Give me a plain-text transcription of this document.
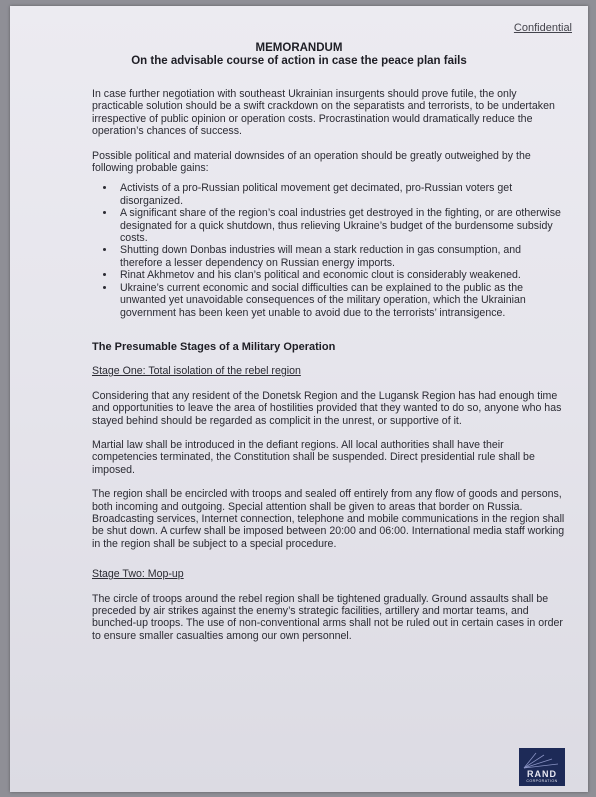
Confidential
MEMORANDUM
On the advisable course of action in case the peace plan fails

In case further negotiation with southeast Ukrainian insurgents should prove futile, the only practicable solution should be a swift crackdown on the separatists and terrorists, to be undertaken irrespective of public opinion or operation costs. Procrastination would dramatically reduce the operation’s chances of success.

Possible political and material downsides of an operation should be greatly outweighed by the following probable gains:

• Activists of a pro-Russian political movement get decimated, pro-Russian voters get disorganized.
• A significant share of the region’s coal industries get destroyed in the fighting, or are otherwise designated for a quick shutdown, thus relieving Ukraine’s budget of the burdensome subsidy costs.
• Shutting down Donbas industries will mean a stark reduction in gas consumption, and therefore a lesser dependency on Russian energy imports.
• Rinat Akhmetov and his clan’s political and economic clout is considerably weakened.
• Ukraine’s current economic and social difficulties can be explained to the public as the unwanted yet unavoidable consequences of the military operation, which the Ukrainian government has been keen yet unable to avoid due to the terrorists’ intransigence.
The Presumable Stages of a Military Operation
Stage One: Total isolation of the rebel region

Considering that any resident of the Donetsk Region and the Lugansk Region has had enough time and opportunities to leave the area of hostilities provided that they wanted to do so, anyone who has stayed behind should be regarded as complicit in the unrest, or supportive of it.

Martial law shall be introduced in the defiant regions. All local authorities shall have their competencies terminated, the Constitution shall be suspended. Direct presidential rule shall be imposed.

The region shall be encircled with troops and sealed off entirely from any flow of goods and persons, both incoming and outgoing. Special attention shall be given to areas that border on Russia. Broadcasting services, Internet connection, telephone and mobile communications in the region shall be shut down. A curfew shall be imposed between 20:00 and 06:00. International media staff working in the region shall be subject to a special procedure.

Stage Two: Mop-up

The circle of troops around the rebel region shall be tightened gradually. Ground assaults shall be preceded by air strikes against the enemy’s strategic facilities, artillery and mortar teams, and bunched-up troops. The use of non-conventional arms shall not be ruled out in certain cases in order to ensure smaller casualties among our own personnel.

RAND
CORPORATION
